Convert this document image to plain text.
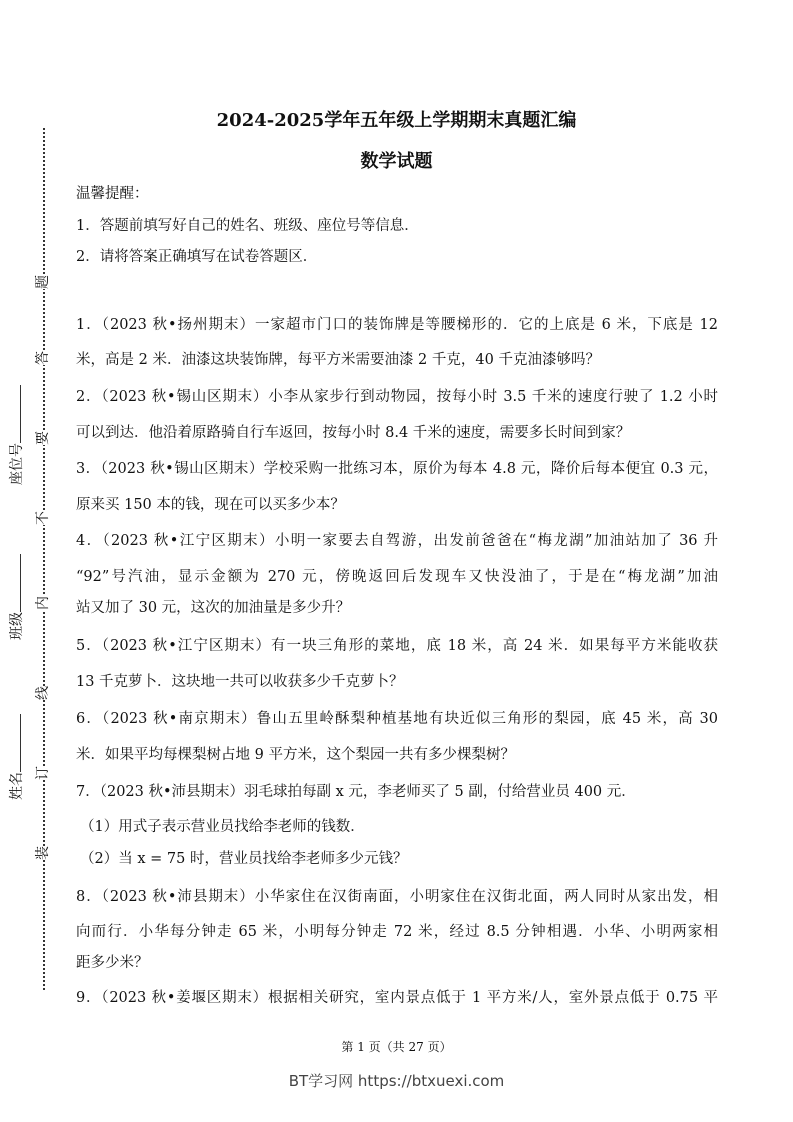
2024-2025学年五年级上学期期末真题汇编
数学试题
温馨提醒：
1．答题前填写好自己的姓名、班级、座位号等信息．
2．请将答案正确填写在试卷答题区．
装
订
线
内
不
要
答
题
姓名
班级
座位号
1．（2023 秋•扬州期末）一家超市门口的装饰牌是等腰梯形的．它的上底是 6 米，下底是 12
米，高是 2 米．油漆这块装饰牌，每平方米需要油漆 2 千克，40 千克油漆够吗？
2．（2023 秋•锡山区期末）小李从家步行到动物园，按每小时 3.5 千米的速度行驶了 1.2 小时
可以到达．他沿着原路骑自行车返回，按每小时 8.4 千米的速度，需要多长时间到家？
3．（2023 秋•锡山区期末）学校采购一批练习本，原价为每本 4.8 元，降价后每本便宜 0.3 元，
原来买 150 本的钱，现在可以买多少本？
4．（2023 秋•江宁区期末）小明一家要去自驾游，出发前爸爸在“梅龙湖”加油站加了 36 升
“92”号汽油，显示金额为 270 元，傍晚返回后发现车又快没油了，于是在“梅龙湖”加油
站又加了 30 元，这次的加油量是多少升？
5．（2023 秋•江宁区期末）有一块三角形的菜地，底 18 米，高 24 米．如果每平方米能收获
13 千克萝卜．这块地一共可以收获多少千克萝卜？
6．（2023 秋•南京期末）鲁山五里岭酥梨种植基地有块近似三角形的梨园，底 45 米，高 30
米．如果平均每棵梨树占地 9 平方米，这个梨园一共有多少棵梨树？
7．（2023 秋•沛县期末）羽毛球拍每副 x 元，李老师买了 5 副，付给营业员 400 元．
（1）用式子表示营业员找给李老师的钱数．
（2）当 x = 75 时，营业员找给李老师多少元钱？
8．（2023 秋•沛县期末）小华家住在汉街南面，小明家住在汉街北面，两人同时从家出发，相
向而行．小华每分钟走 65 米，小明每分钟走 72 米，经过 8.5 分钟相遇．小华、小明两家相
距多少米？
9．（2023 秋•姜堰区期末）根据相关研究，室内景点低于 1 平方米/人，室外景点低于 0.75 平
第 1 页（共 27 页）
BT学习网 https://btxuexi.com
